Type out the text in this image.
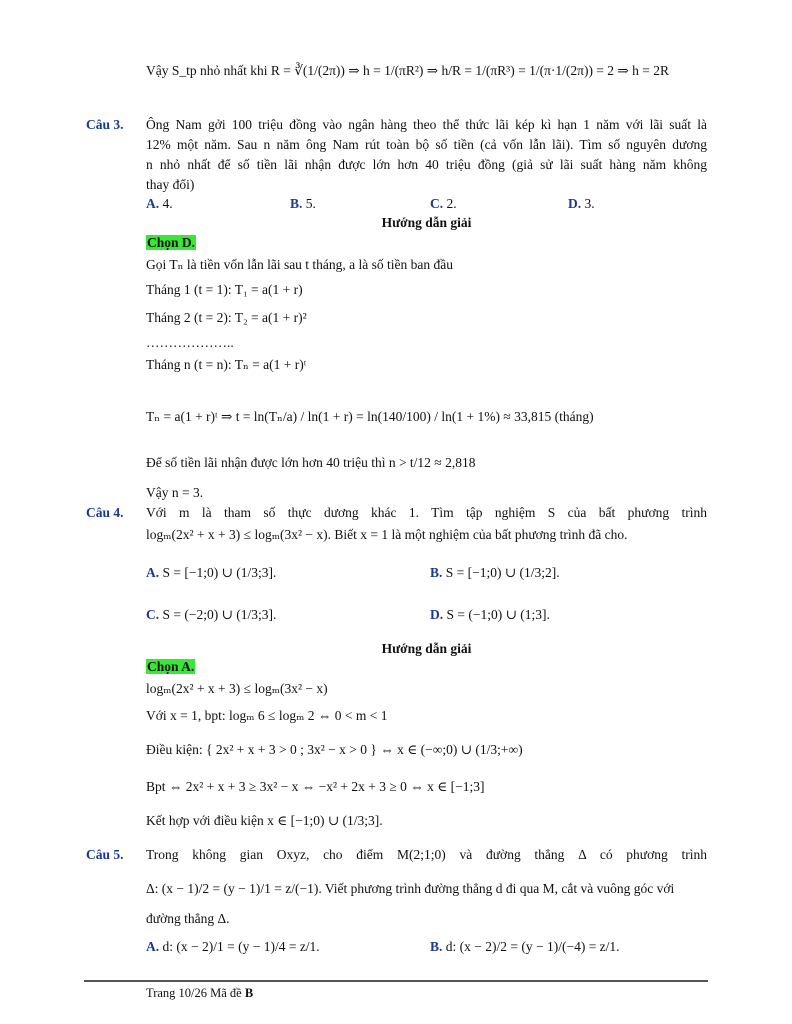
Vậy S_tp nhỏ nhất khi R = ∛(1/(2π)) ⇒ h = 1/(πR²) ⇒ h/R = 1/(πR³) = 1/(π·1/(2π)) = 2 ⇒ h = 2R
Câu 3. Ông Nam gởi 100 triệu đồng vào ngân hàng theo thể thức lãi kép kì hạn 1 năm với lãi suất là
12% một năm. Sau n năm ông Nam rút toàn bộ số tiền (cả vốn lẫn lãi). Tìm số nguyên dương
n nhỏ nhất để số tiền lãi nhận được lớn hơn 40 triệu đồng (giả sử lãi suất hàng năm không
thay đổi)
A. 4.	B. 5.	C. 2.	D. 3.
Hướng dẫn giải
Chọn D.
Gọi Tₙ là tiền vốn lẫn lãi sau t tháng, a là số tiền ban đầu
Tháng 1 (t = 1): T₁ = a(1 + r)
Tháng 2 (t = 2): T₂ = a(1 + r)²
………………..
Tháng n (t = n): Tₙ = a(1 + r)ᵗ
Tₙ = a(1 + r)ᵗ ⇒ t = ln(Tₙ/a) / ln(1 + r) = ln(140/100) / ln(1 + 1%) ≈ 33,815 (tháng)
Để số tiền lãi nhận được lớn hơn 40 triệu thì n > t/12 ≈ 2,818
Vậy n = 3.
Câu 4. Với m là tham số thực dương khác 1. Tìm tập nghiệm S của bất phương trình
logₘ(2x² + x + 3) ≤ logₘ(3x² − x). Biết x = 1 là một nghiệm của bất phương trình đã cho.
A. S = [−1;0) ∪ (1/3;3].	B. S = [−1;0) ∪ (1/3;2].
C. S = (−2;0) ∪ (1/3;3].	D. S = (−1;0) ∪ (1;3].
Hướng dẫn giải
Chọn A.
logₘ(2x² + x + 3) ≤ logₘ(3x² − x)
Với x = 1, bpt: logₘ 6 ≤ logₘ 2 ⇔ 0 < m < 1
Điều kiện: { 2x² + x + 3 > 0 ; 3x² − x > 0 } ⇔ x ∈ (−∞;0) ∪ (1/3;+∞)
Bpt ⇔ 2x² + x + 3 ≥ 3x² − x ⇔ −x² + 2x + 3 ≥ 0 ⇔ x ∈ [−1;3]
Kết hợp với điều kiện x ∈ [−1;0) ∪ (1/3;3].
Câu 5. Trong không gian Oxyz, cho điểm M(2;1;0) và đường thẳng Δ có phương trình
Δ: (x − 1)/2 = (y − 1)/1 = z/(−1). Viết phương trình đường thẳng d đi qua M, cắt và vuông góc với
đường thẳng Δ.
A. d: (x − 2)/1 = (y − 1)/4 = z/1.	B. d: (x − 2)/2 = (y − 1)/(−4) = z/1.
Trang 10/26 Mã đề B
